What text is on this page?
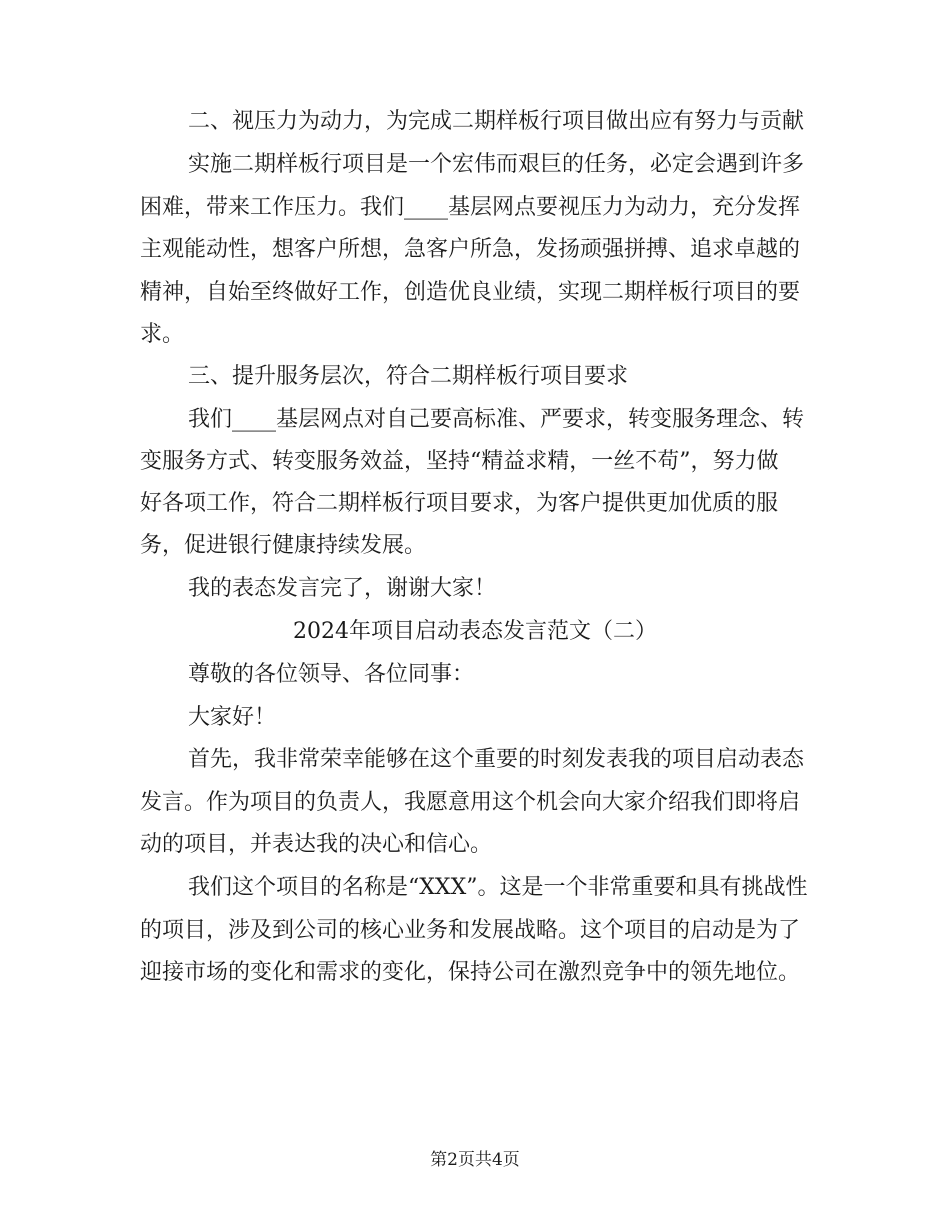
二、视压力为动力，为完成二期样板行项目做出应有努力与贡献
实施二期样板行项目是一个宏伟而艰巨的任务，必定会遇到许多
困难，带来工作压力。我们____基层网点要视压力为动力，充分发挥
主观能动性，想客户所想，急客户所急，发扬顽强拼搏、追求卓越的
精神，自始至终做好工作，创造优良业绩，实现二期样板行项目的要
求。
三、提升服务层次，符合二期样板行项目要求
我们____基层网点对自己要高标准、严要求，转变服务理念、转
变服务方式、转变服务效益，坚持“精益求精，一丝不苟”，努力做
好各项工作，符合二期样板行项目要求，为客户提供更加优质的服
务，促进银行健康持续发展。
我的表态发言完了，谢谢大家！
2024年项目启动表态发言范文（二）
尊敬的各位领导、各位同事：
大家好！
首先，我非常荣幸能够在这个重要的时刻发表我的项目启动表态
发言。作为项目的负责人，我愿意用这个机会向大家介绍我们即将启
动的项目，并表达我的决心和信心。
我们这个项目的名称是“XXX”。这是一个非常重要和具有挑战性
的项目，涉及到公司的核心业务和发展战略。这个项目的启动是为了
迎接市场的变化和需求的变化，保持公司在激烈竞争中的领先地位。
第2页共4页
